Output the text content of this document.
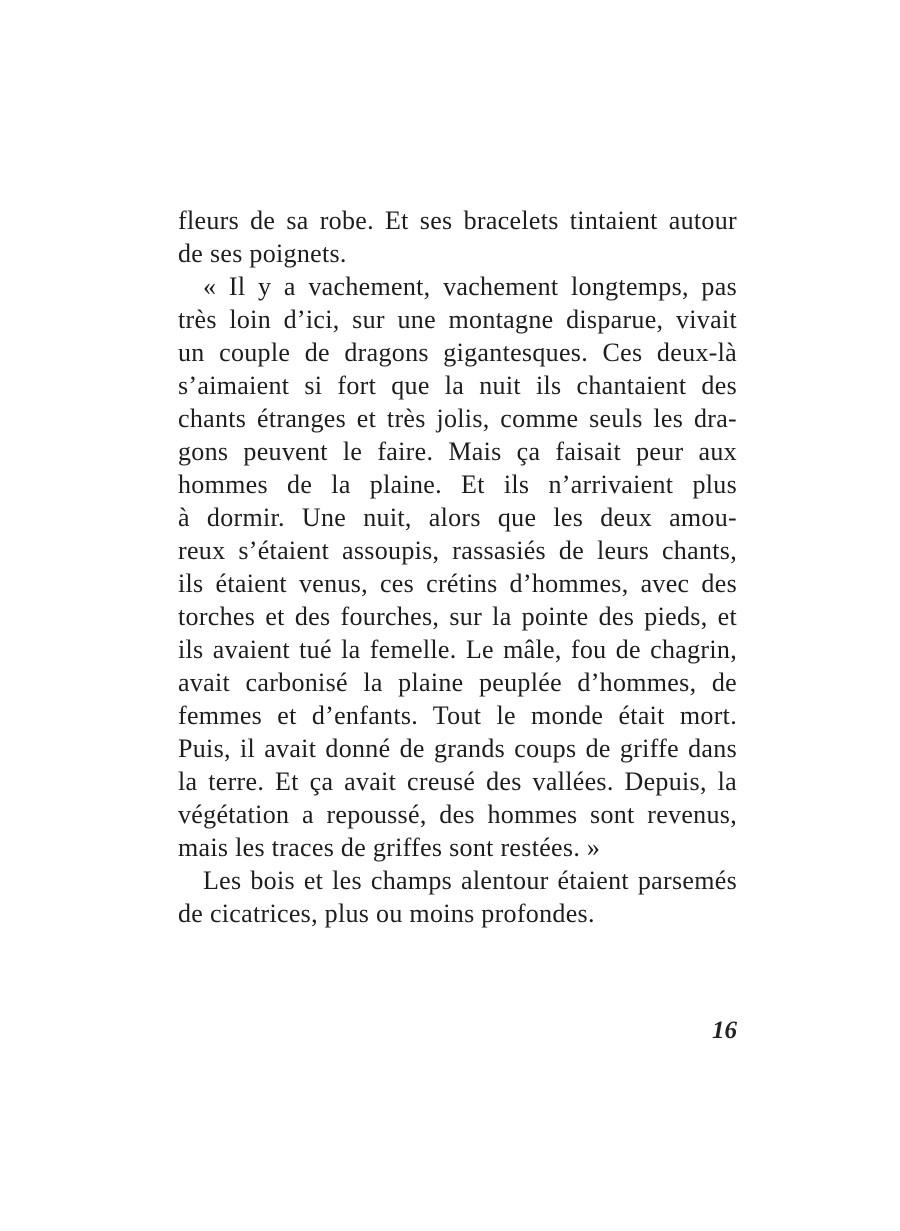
fleurs de sa robe. Et ses bracelets tintaient autour
de ses poignets.
« Il y a vachement, vachement longtemps, pas
très loin d’ici, sur une montagne disparue, vivait
un couple de dragons gigantesques. Ces deux-là
s’aimaient si fort que la nuit ils chantaient des
chants étranges et très jolis, comme seuls les dra-
gons peuvent le faire. Mais ça faisait peur aux
hommes de la plaine. Et ils n’arrivaient plus
à dormir. Une nuit, alors que les deux amou-
reux s’étaient assoupis, rassasiés de leurs chants,
ils étaient venus, ces crétins d’hommes, avec des
torches et des fourches, sur la pointe des pieds, et
ils avaient tué la femelle. Le mâle, fou de chagrin,
avait carbonisé la plaine peuplée d’hommes, de
femmes et d’enfants. Tout le monde était mort.
Puis, il avait donné de grands coups de griffe dans
la terre. Et ça avait creusé des vallées. Depuis, la
végétation a repoussé, des hommes sont revenus,
mais les traces de griffes sont restées. »
Les bois et les champs alentour étaient parsemés
de cicatrices, plus ou moins profondes.
16
